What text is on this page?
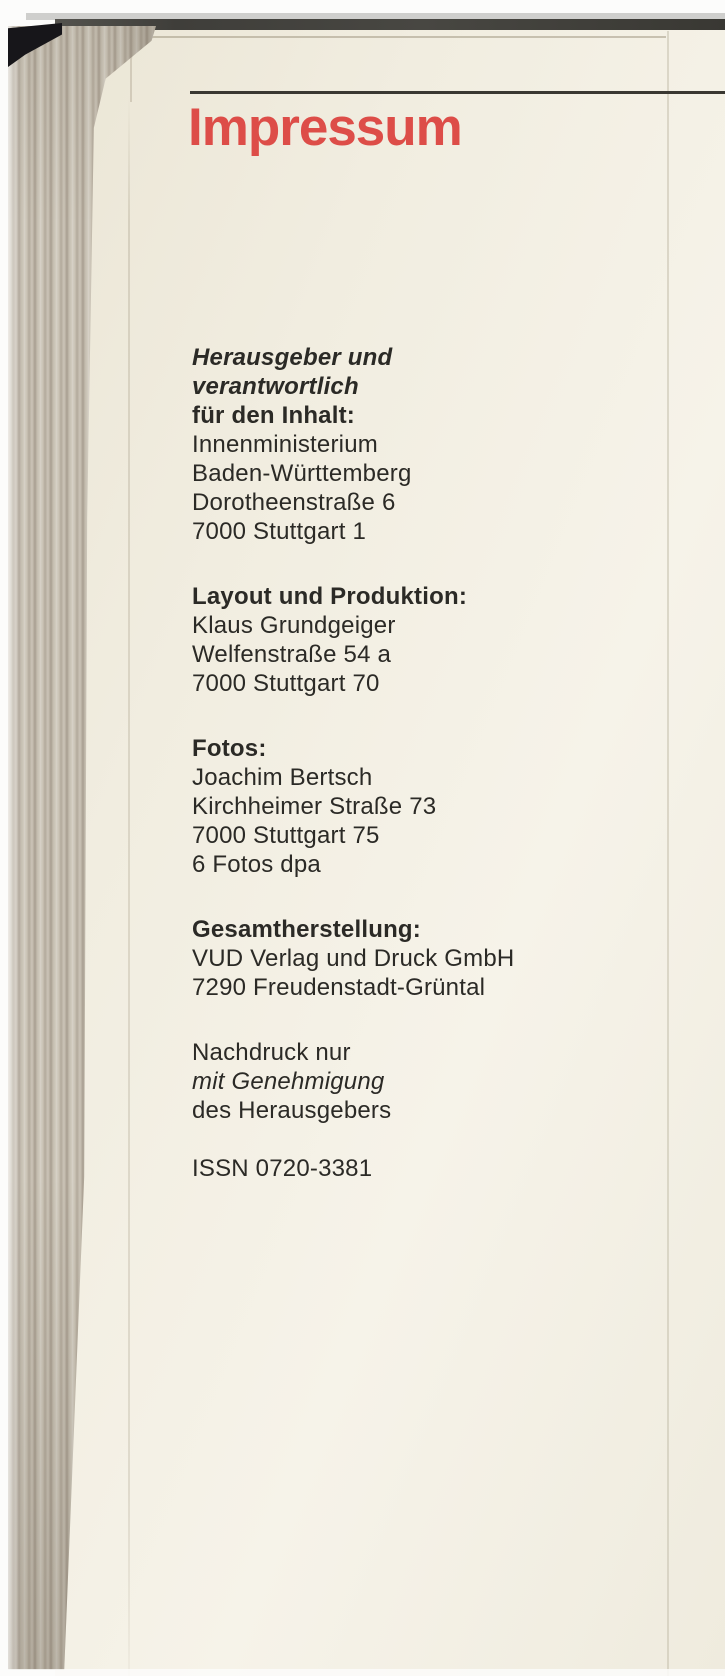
Impressum
Herausgeber und
verantwortlich
für den Inhalt:
Innenministerium
Baden-Württemberg
Dorotheenstraße 6
7000 Stuttgart 1
Layout und Produktion:
Klaus Grundgeiger
Welfenstraße 54 a
7000 Stuttgart 70
Fotos:
Joachim Bertsch
Kirchheimer Straße 73
7000 Stuttgart 75
6 Fotos dpa
Gesamtherstellung:
VUD Verlag und Druck GmbH
7290 Freudenstadt-Grüntal
Nachdruck nur
mit Genehmigung
des Herausgebers
ISSN 0720-3381
